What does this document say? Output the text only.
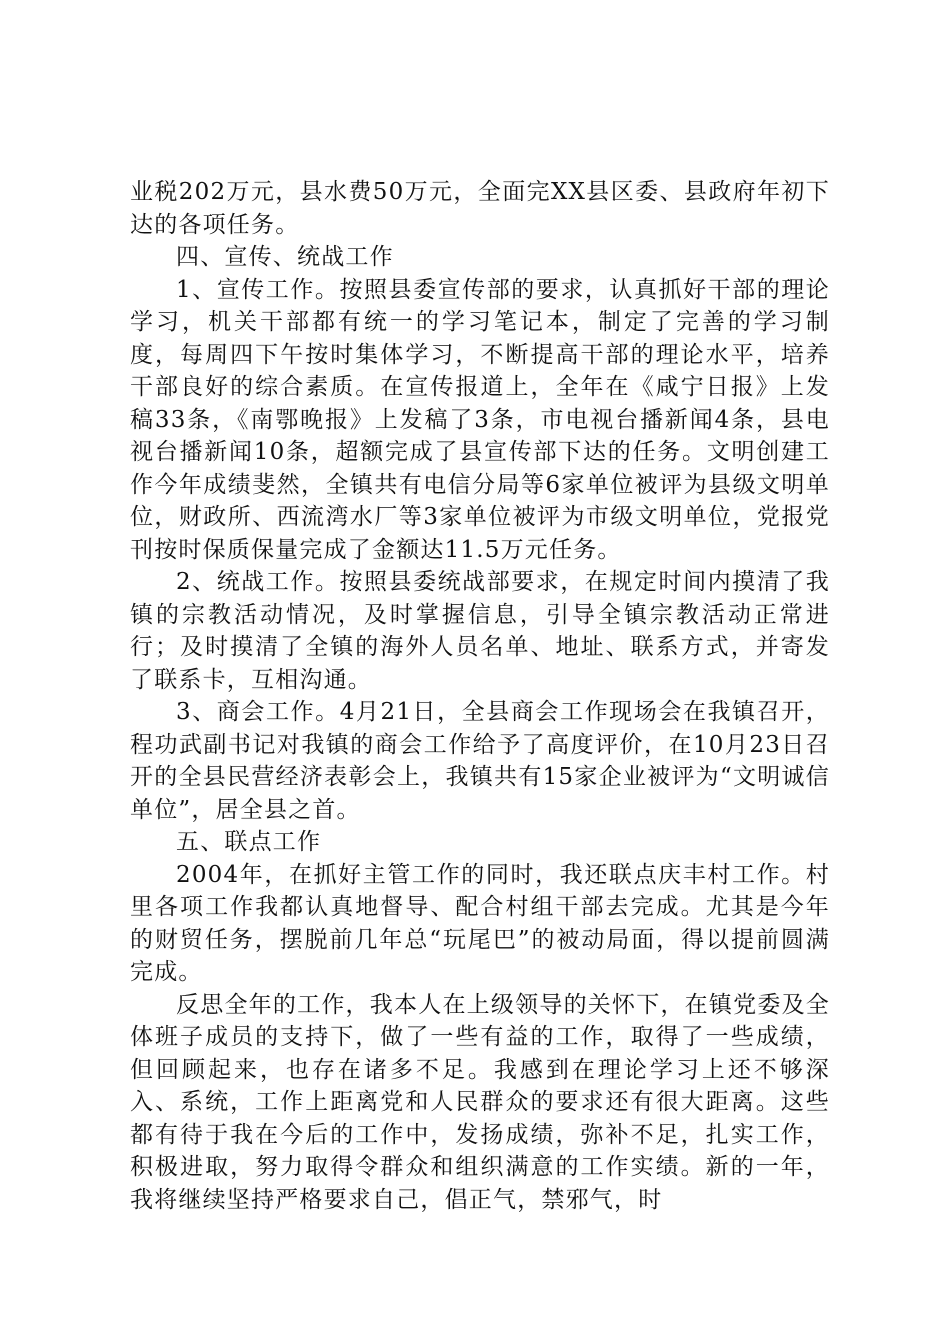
业税202万元，县水费50万元，全面完XX县区委、县政府年初下达的各项任务。

四、宣传、统战工作

1、宣传工作。按照县委宣传部的要求，认真抓好干部的理论学习，机关干部都有统一的学习笔记本，制定了完善的学习制度，每周四下午按时集体学习，不断提高干部的理论水平，培养干部良好的综合素质。在宣传报道上，全年在《咸宁日报》上发稿33条，《南鄂晚报》上发稿了3条，市电视台播新闻4条，县电视台播新闻10条，超额完成了县宣传部下达的任务。文明创建工作今年成绩斐然，全镇共有电信分局等6家单位被评为县级文明单位，财政所、西流湾水厂等3家单位被评为市级文明单位，党报党刊按时保质保量完成了金额达11.5万元任务。

2、统战工作。按照县委统战部要求，在规定时间内摸清了我镇的宗教活动情况，及时掌握信息，引导全镇宗教活动正常进行；及时摸清了全镇的海外人员名单、地址、联系方式，并寄发了联系卡，互相沟通。

3、商会工作。4月21日，全县商会工作现场会在我镇召开，程功武副书记对我镇的商会工作给予了高度评价，在10月23日召开的全县民营经济表彰会上，我镇共有15家企业被评为“文明诚信单位”，居全县之首。

五、联点工作

2004年，在抓好主管工作的同时，我还联点庆丰村工作。村里各项工作我都认真地督导、配合村组干部去完成。尤其是今年的财贸任务，摆脱前几年总“玩尾巴”的被动局面，得以提前圆满完成。

反思全年的工作，我本人在上级领导的关怀下，在镇党委及全体班子成员的支持下，做了一些有益的工作，取得了一些成绩，但回顾起来，也存在诸多不足。我感到在理论学习上还不够深入、系统，工作上距离党和人民群众的要求还有很大距离。这些都有待于我在今后的工作中，发扬成绩，弥补不足，扎实工作，积极进取，努力取得令群众和组织满意的工作实绩。新的一年，我将继续坚持严格要求自己，倡正气，禁邪气，时
